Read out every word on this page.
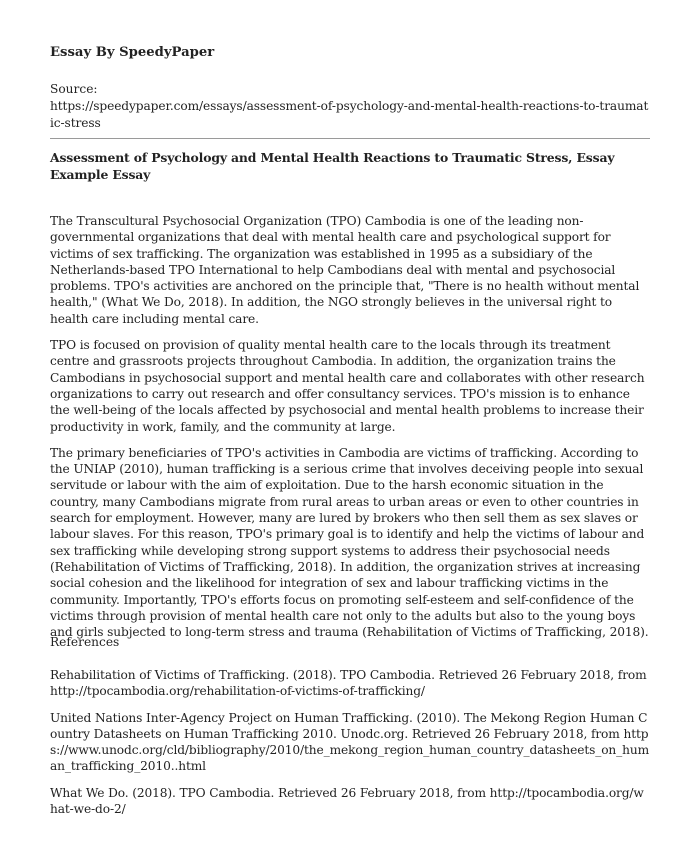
Essay By SpeedyPaper
Source:
https://speedypaper.com/essays/assessment-of-psychology-and-mental-health-reactions-to-traumatic-stress
Assessment of Psychology and Mental Health Reactions to Traumatic Stress, Essay Example Essay

The Transcultural Psychosocial Organization (TPO) Cambodia is one of the leading non-governmental organizations that deal with mental health care and psychological support for victims of sex trafficking. The organization was established in 1995 as a subsidiary of the Netherlands-based TPO International to help Cambodians deal with mental and psychosocial problems. TPO's activities are anchored on the principle that, "There is no health without mental health," (What We Do, 2018). In addition, the NGO strongly believes in the universal right to health care including mental care.

TPO is focused on provision of quality mental health care to the locals through its treatment centre and grassroots projects throughout Cambodia. In addition, the organization trains the Cambodians in psychosocial support and mental health care and collaborates with other research organizations to carry out research and offer consultancy services. TPO's mission is to enhance the well-being of the locals affected by psychosocial and mental health problems to increase their productivity in work, family, and the community at large.

The primary beneficiaries of TPO's activities in Cambodia are victims of trafficking. According to the UNIAP (2010), human trafficking is a serious crime that involves deceiving people into sexual servitude or labour with the aim of exploitation. Due to the harsh economic situation in the country, many Cambodians migrate from rural areas to urban areas or even to other countries in search for employment. However, many are lured by brokers who then sell them as sex slaves or labour slaves. For this reason, TPO's primary goal is to identify and help the victims of labour and sex trafficking while developing strong support systems to address their psychosocial needs (Rehabilitation of Victims of Trafficking, 2018). In addition, the organization strives at increasing social cohesion and the likelihood for integration of sex and labour trafficking victims in the community. Importantly, TPO's efforts focus on promoting self-esteem and self-confidence of the victims through provision of mental health care not only to the adults but also to the young boys and girls subjected to long-term stress and trauma (Rehabilitation of Victims of Trafficking, 2018).

References

Rehabilitation of Victims of Trafficking. (2018). TPO Cambodia. Retrieved 26 February 2018, from http://tpocambodia.org/rehabilitation-of-victims-of-trafficking/

United Nations Inter-Agency Project on Human Trafficking. (2010). The Mekong Region Human Country Datasheets on Human Trafficking 2010. Unodc.org. Retrieved 26 February 2018, from https://www.unodc.org/cld/bibliography/2010/the_mekong_region_human_country_datasheets_on_human_trafficking_2010..html

What We Do. (2018). TPO Cambodia. Retrieved 26 February 2018, from http://tpocambodia.org/what-we-do-2/
